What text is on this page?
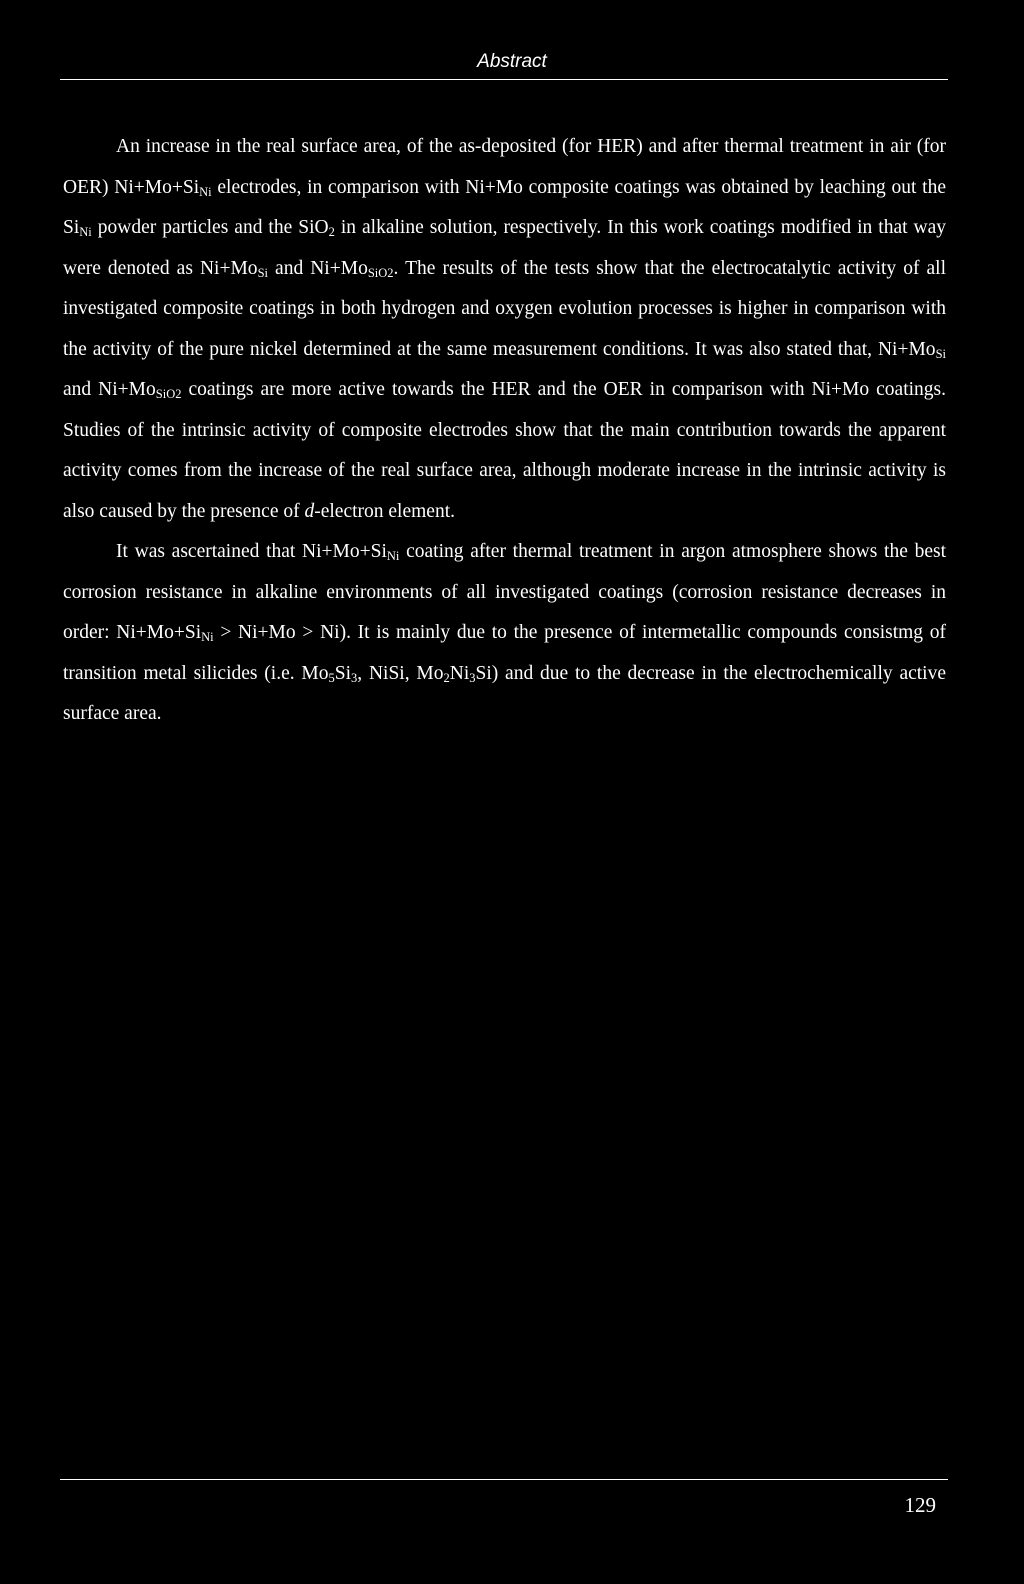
Abstract

An increase in the real surface area, of the as-deposited (for HER) and after thermal treatment in air (for OER) $Ni+Mo+Si_{Ni}$ electrodes, in comparison with Ni+Mo composite coatings was obtained by leaching out the $Si_{Ni}$ powder particles and the SiO$_2$ in alkaline solution, respectively. In this work coatings modified in that way were denoted as $Ni+Mo_{Si}$ and $Ni+Mo_{SiO2}$. The results of the tests show that the electrocatalytic activity of all investigated composite coatings in both hydrogen and oxygen evolution processes is higher in comparison with the activity of the pure nickel determined at the same measurement conditions. It was also stated that, $Ni+Mo_{Si}$ and $Ni+Mo_{SiO2}$ coatings are more active towards the HER and the OER in comparison with Ni+Mo coatings. Studies of the intrinsic activity of composite electrodes show that the main contribution towards the apparent activity comes from the increase of the real surface area, although moderate increase in the intrinsic activity is also caused by the presence of d-electron element.

It was ascertained that $Ni+Mo+Si_{Ni}$ coating after thermal treatment in argon atmosphere shows the best corrosion resistance in alkaline environments of all investigated coatings (corrosion resistance decreases in order: $Ni+Mo+Si_{Ni} > Ni+Mo > Ni$). It is mainly due to the presence of intermetallic compounds consistmg of transition metal silicides (i.e. $Mo_5Si_3$, NiSi, $Mo_2Ni_3Si$) and due to the decrease in the electrochemically active surface area.

129
